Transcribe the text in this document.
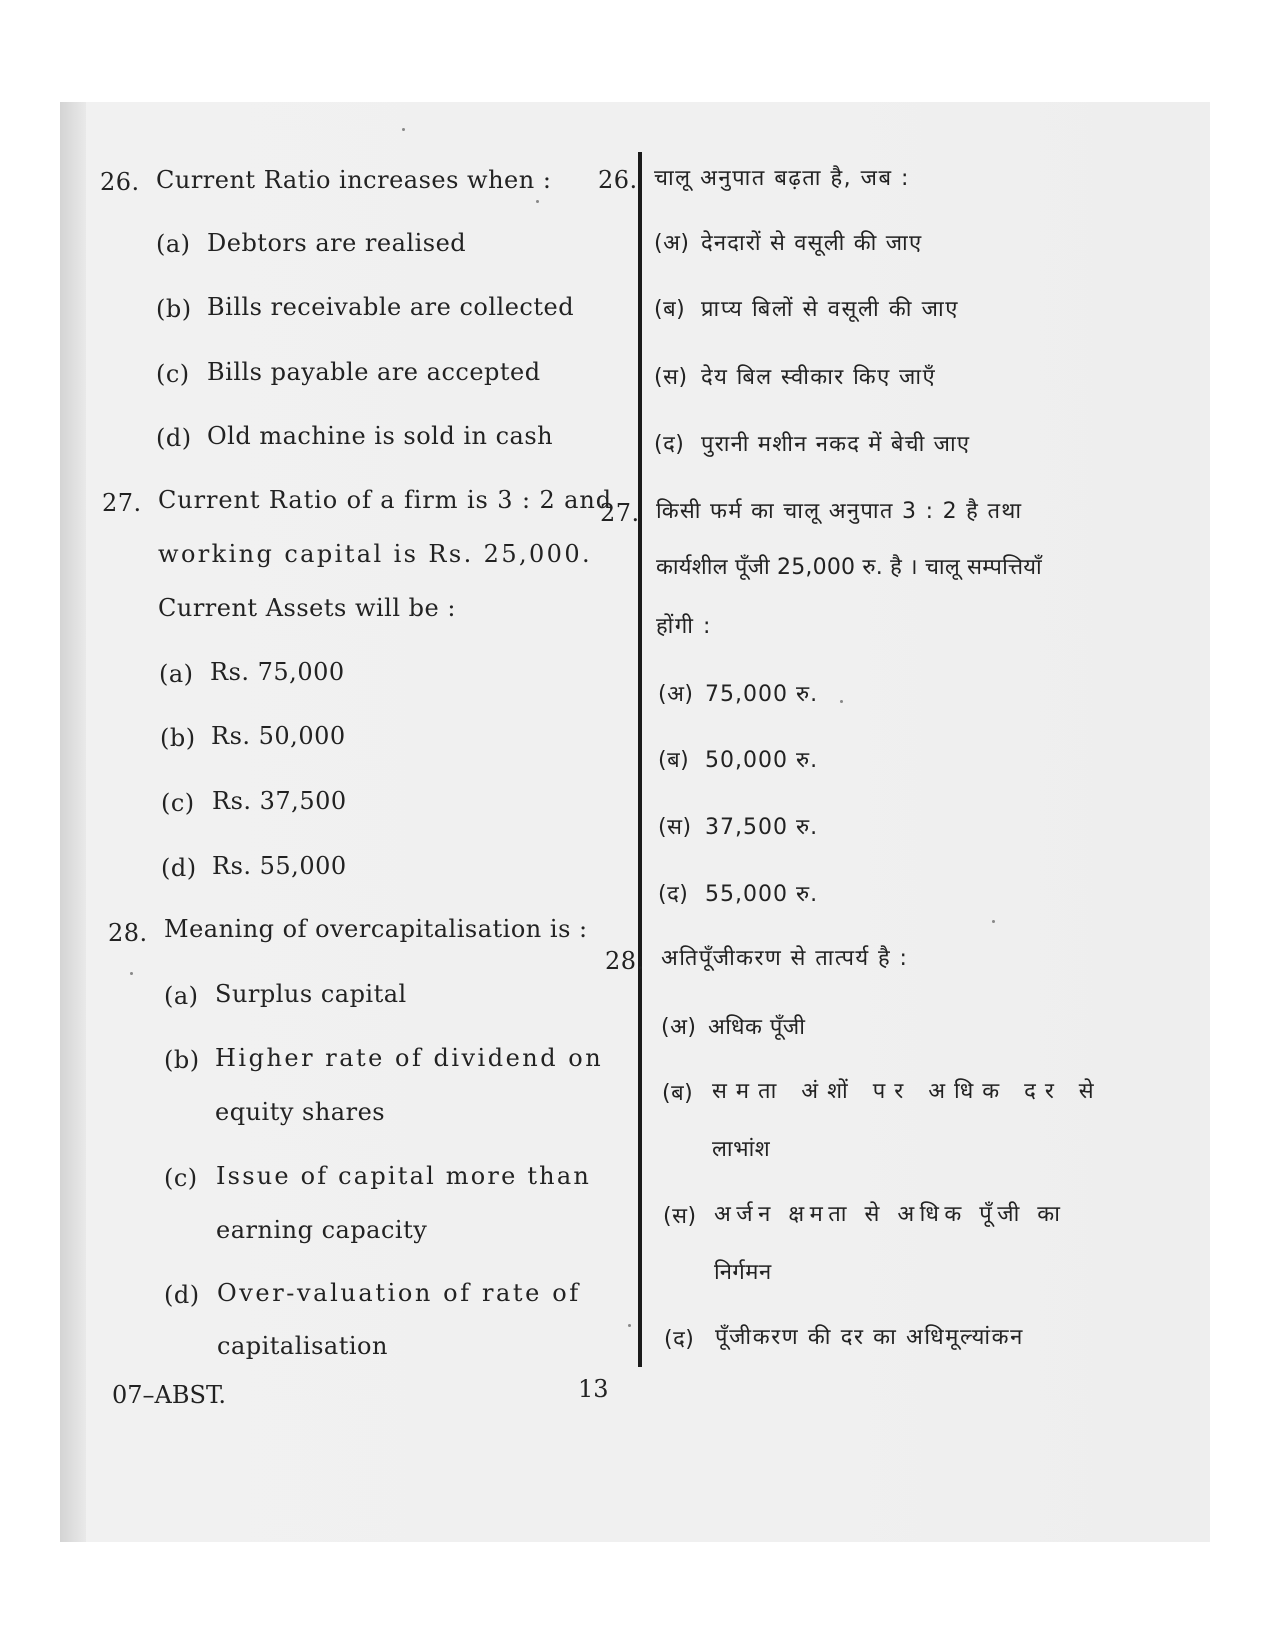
26. Current Ratio increases when :
(a) Debtors are realised
(b) Bills receivable are collected
(c) Bills payable are accepted
(d) Old machine is sold in cash
27. Current Ratio of a firm is 3 : 2 and
working capital is Rs. 25,000.
Current Assets will be :
(a) Rs. 75,000
(b) Rs. 50,000
(c) Rs. 37,500
(d) Rs. 55,000
28. Meaning of overcapitalisation is :
(a) Surplus capital
(b) Higher rate of dividend on
equity shares
(c) Issue of capital more than
earning capacity
(d) Over-valuation of rate of
capitalisation
26. चालू अनुपात बढ़ता है, जब :
(अ) देनदारों से वसूली की जाए
(ब) प्राप्य बिलों से वसूली की जाए
(स) देय बिल स्वीकार किए जाएँ
(द) पुरानी मशीन नकद में बेची जाए
27. किसी फर्म का चालू अनुपात 3 : 2 है तथा
कार्यशील पूँजी 25,000 रु. है । चालू सम्पत्तियाँ
होंगी :
(अ) 75,000 रु.
(ब) 50,000 रु.
(स) 37,500 रु.
(द) 55,000 रु.
28. अतिपूँजीकरण से तात्पर्य है :
(अ) अधिक पूँजी
(ब) समता अंशों पर अधिक दर से
लाभांश
(स) अर्जन क्षमता से अधिक पूँजी का
निर्गमन
(द) पूँजीकरण की दर का अधिमूल्यांकन
07–ABST.	13
